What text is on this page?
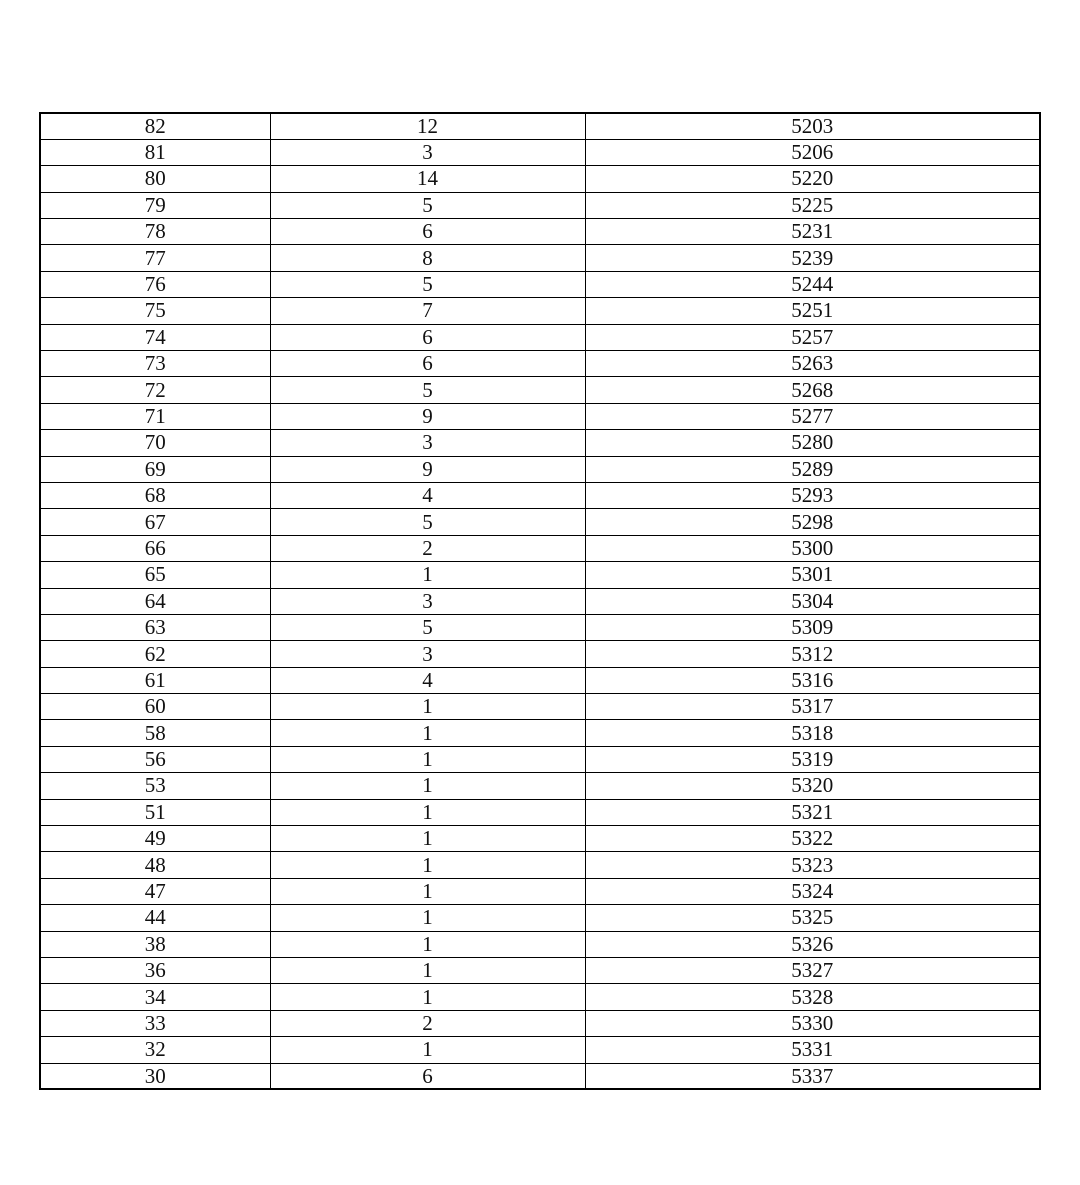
82	12	5203
81	3	5206
80	14	5220
79	5	5225
78	6	5231
77	8	5239
76	5	5244
75	7	5251
74	6	5257
73	6	5263
72	5	5268
71	9	5277
70	3	5280
69	9	5289
68	4	5293
67	5	5298
66	2	5300
65	1	5301
64	3	5304
63	5	5309
62	3	5312
61	4	5316
60	1	5317
58	1	5318
56	1	5319
53	1	5320
51	1	5321
49	1	5322
48	1	5323
47	1	5324
44	1	5325
38	1	5326
36	1	5327
34	1	5328
33	2	5330
32	1	5331
30	6	5337
